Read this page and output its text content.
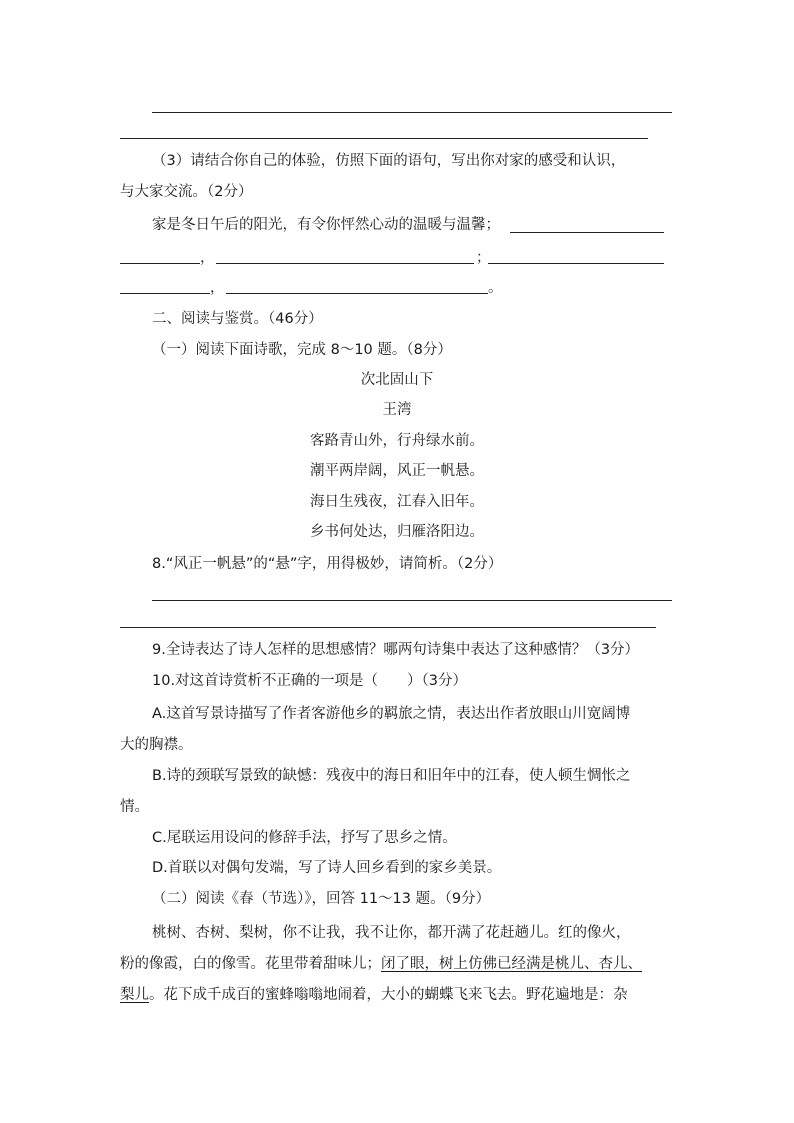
（3）请结合你自己的体验，仿照下面的语句，写出你对家的感受和认识，
与大家交流。（2分）
家是冬日午后的阳光，有令你怦然心动的温暖与温馨；
，	；
，	。
二、阅读与鉴赏。（46分）
（一）阅读下面诗歌，完成 8～10 题。（8分）
次北固山下
王湾
客路青山外，行舟绿水前。
潮平两岸阔，风正一帆悬。
海日生残夜，江春入旧年。
乡书何处达，归雁洛阳边。
8.“风正一帆悬”的“悬”字，用得极妙，请简析。（2分）
9.全诗表达了诗人怎样的思想感情？哪两句诗集中表达了这种感情？（3分）
10.对这首诗赏析不正确的一项是（　　）（3分）
A.这首写景诗描写了作者客游他乡的羁旅之情，表达出作者放眼山川宽阔博
大的胸襟。
B.诗的颈联写景致的缺憾：残夜中的海日和旧年中的江春，使人顿生惆怅之
情。
C.尾联运用设问的修辞手法，抒写了思乡之情。
D.首联以对偶句发端，写了诗人回乡看到的家乡美景。
（二）阅读《春（节选）》，回答 11～13 题。（9分）
桃树、杏树、梨树，你不让我，我不让你，都开满了花赶趟儿。红的像火，
粉的像霞，白的像雪。花里带着甜味儿；闭了眼，树上仿佛已经满是桃儿、杏儿、
梨儿。花下成千成百的蜜蜂嗡嗡地闹着，大小的蝴蝶飞来飞去。野花遍地是：杂
